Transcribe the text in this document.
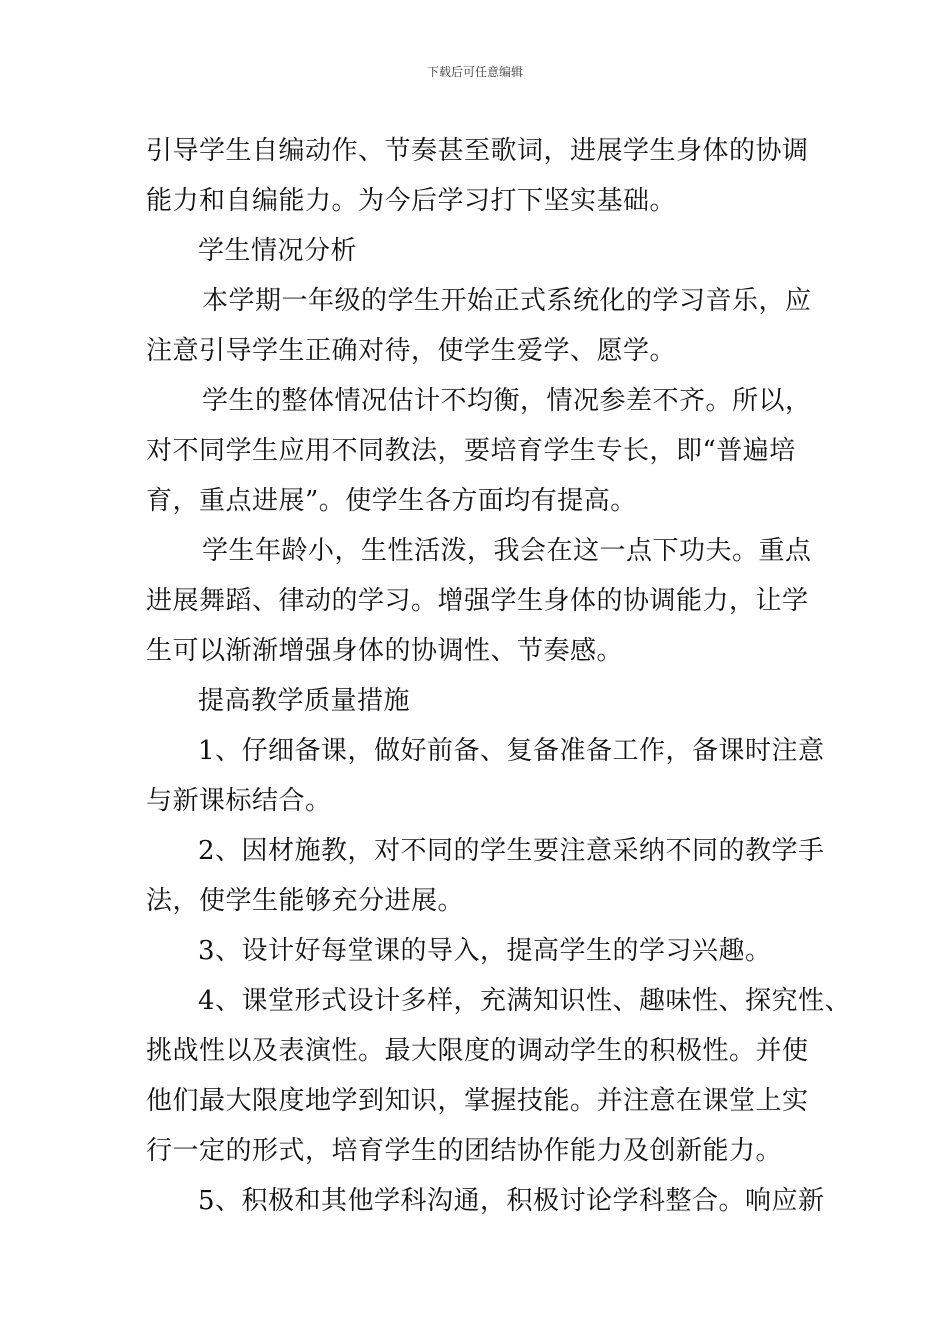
下载后可任意编辑
引导学生自编动作、节奏甚至歌词，进展学生身体的协调
能力和自编能力。为今后学习打下坚实基础。
学生情况分析
本学期一年级的学生开始正式系统化的学习音乐，应
注意引导学生正确对待，使学生爱学、愿学。
学生的整体情况估计不均衡，情况参差不齐。所以，
对不同学生应用不同教法，要培育学生专长，即“普遍培
育，重点进展”。使学生各方面均有提高。
学生年龄小，生性活泼，我会在这一点下功夫。重点
进展舞蹈、律动的学习。增强学生身体的协调能力，让学
生可以渐渐增强身体的协调性、节奏感。
提高教学质量措施
1、仔细备课，做好前备、复备准备工作，备课时注意
与新课标结合。
2、因材施教，对不同的学生要注意采纳不同的教学手
法，使学生能够充分进展。
3、设计好每堂课的导入，提高学生的学习兴趣。
4、课堂形式设计多样，充满知识性、趣味性、探究性、
挑战性以及表演性。最大限度的调动学生的积极性。并使
他们最大限度地学到知识，掌握技能。并注意在课堂上实
行一定的形式，培育学生的团结协作能力及创新能力。
5、积极和其他学科沟通，积极讨论学科整合。响应新
